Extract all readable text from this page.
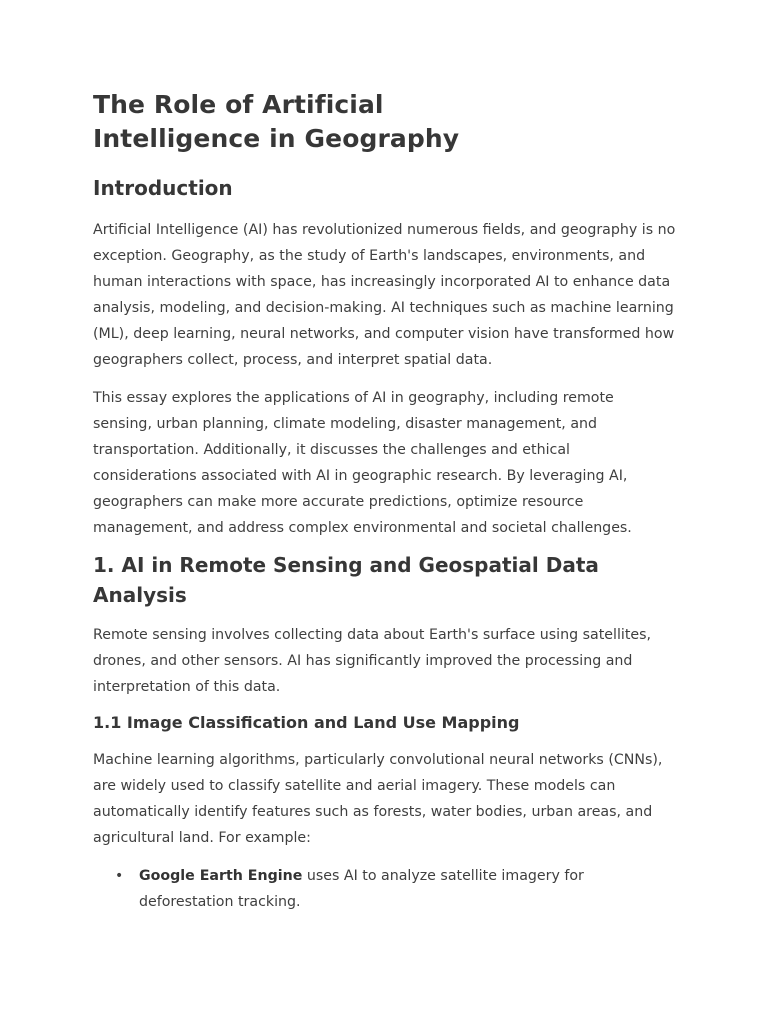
The Role of Artificial Intelligence in Geography
Introduction

Artificial Intelligence (AI) has revolutionized numerous fields, and geography is no exception. Geography, as the study of Earth's landscapes, environments, and human interactions with space, has increasingly incorporated AI to enhance data analysis, modeling, and decision-making. AI techniques such as machine learning (ML), deep learning, neural networks, and computer vision have transformed how geographers collect, process, and interpret spatial data.

This essay explores the applications of AI in geography, including remote sensing, urban planning, climate modeling, disaster management, and transportation. Additionally, it discusses the challenges and ethical considerations associated with AI in geographic research. By leveraging AI, geographers can make more accurate predictions, optimize resource management, and address complex environmental and societal challenges.

1. AI in Remote Sensing and Geospatial Data Analysis

Remote sensing involves collecting data about Earth's surface using satellites, drones, and other sensors. AI has significantly improved the processing and interpretation of this data.

1.1 Image Classification and Land Use Mapping

Machine learning algorithms, particularly convolutional neural networks (CNNs), are widely used to classify satellite and aerial imagery. These models can automatically identify features such as forests, water bodies, urban areas, and agricultural land. For example:

• Google Earth Engine uses AI to analyze satellite imagery for deforestation tracking.
